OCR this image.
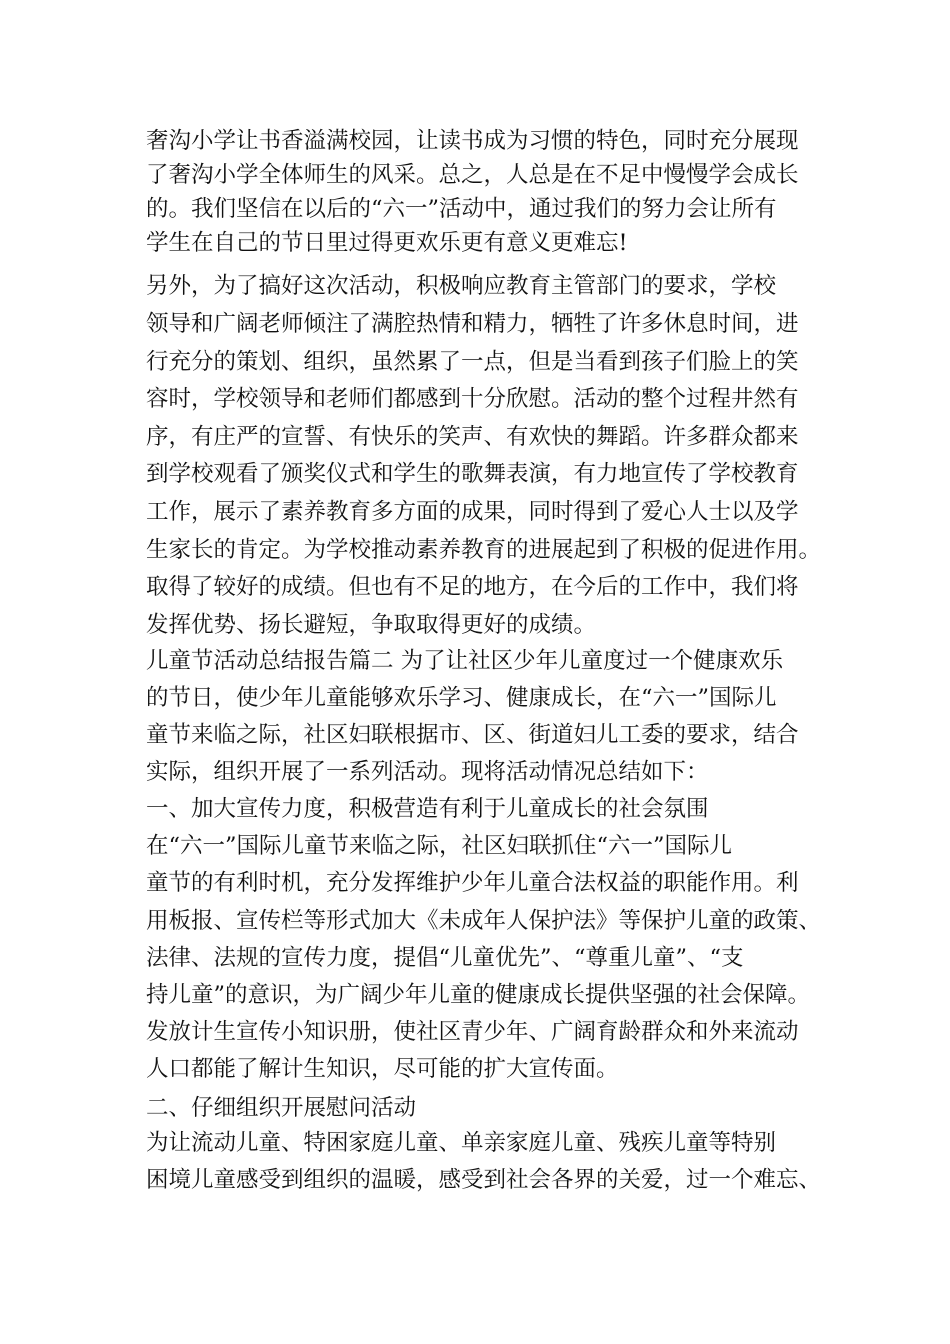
奢沟小学让书香溢满校园，让读书成为习惯的特色，同时充分展现
了奢沟小学全体师生的风采。总之，人总是在不足中慢慢学会成长
的。我们坚信在以后的“六一”活动中，通过我们的努力会让所有
学生在自己的节日里过得更欢乐更有意义更难忘!
另外，为了搞好这次活动，积极响应教育主管部门的要求，学校
领导和广阔老师倾注了满腔热情和精力，牺牲了许多休息时间，进
行充分的策划、组织，虽然累了一点，但是当看到孩子们脸上的笑
容时，学校领导和老师们都感到十分欣慰。活动的整个过程井然有
序，有庄严的宣誓、有快乐的笑声、有欢快的舞蹈。许多群众都来
到学校观看了颁奖仪式和学生的歌舞表演，有力地宣传了学校教育
工作，展示了素养教育多方面的成果，同时得到了爱心人士以及学
生家长的肯定。为学校推动素养教育的进展起到了积极的促进作用。
取得了较好的成绩。但也有不足的地方，在今后的工作中，我们将
发挥优势、扬长避短，争取取得更好的成绩。
儿童节活动总结报告篇二 为了让社区少年儿童度过一个健康欢乐
的节日，使少年儿童能够欢乐学习、健康成长，在“六一”国际儿
童节来临之际，社区妇联根据市、区、街道妇儿工委的要求，结合
实际，组织开展了一系列活动。现将活动情况总结如下：
一、加大宣传力度，积极营造有利于儿童成长的社会氛围
在“六一”国际儿童节来临之际，社区妇联抓住“六一”国际儿
童节的有利时机，充分发挥维护少年儿童合法权益的职能作用。利
用板报、宣传栏等形式加大《未成年人保护法》等保护儿童的政策、
法律、法规的宣传力度，提倡“儿童优先”、“尊重儿童”、“支
持儿童”的意识，为广阔少年儿童的健康成长提供坚强的社会保障。
发放计生宣传小知识册，使社区青少年、广阔育龄群众和外来流动
人口都能了解计生知识，尽可能的扩大宣传面。
二、仔细组织开展慰问活动
为让流动儿童、特困家庭儿童、单亲家庭儿童、残疾儿童等特别
困境儿童感受到组织的温暖，感受到社会各界的关爱，过一个难忘、
